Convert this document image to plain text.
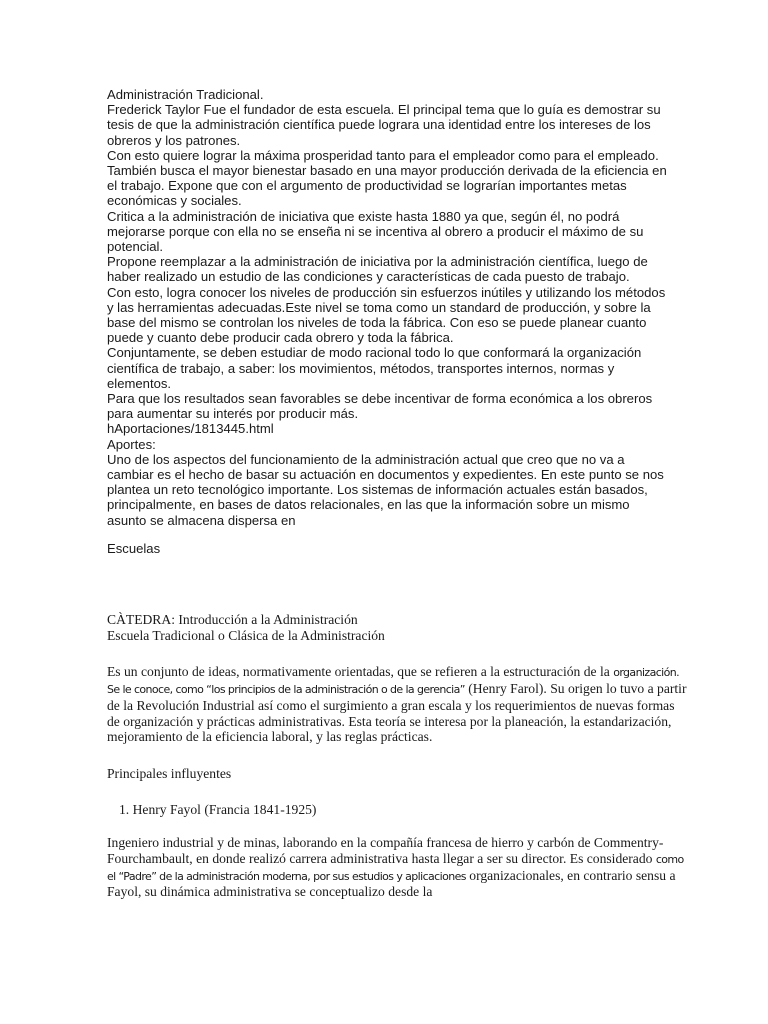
Administración Tradicional.

Frederick Taylor Fue el fundador de esta escuela. El principal tema que lo guía es demostrar su tesis de que la administración científica puede lograra una identidad entre los intereses de los obreros y los patrones.

Con esto quiere lograr la máxima prosperidad tanto para el empleador como para el empleado.

También busca el mayor bienestar basado en una mayor producción derivada de la eficiencia en el trabajo. Expone que con el argumento de productividad se lograrían importantes metas económicas y sociales.

Critica a la administración de iniciativa que existe hasta 1880 ya que, según él, no podrá mejorarse porque con ella no se enseña ni se incentiva al obrero a producir el máximo de su potencial.

Propone reemplazar a la administración de iniciativa por la administración científica, luego de haber realizado un estudio de las condiciones y características de cada puesto de trabajo.

Con esto, logra conocer los niveles de producción sin esfuerzos inútiles y utilizando los métodos y las herramientas adecuadas.Este nivel se toma como un standard de producción, y sobre la base del mismo se controlan los niveles de toda la fábrica. Con eso se puede planear cuanto puede y cuanto debe producir cada obrero y toda la fábrica.

Conjuntamente, se deben estudiar de modo racional todo lo que conformará la organización científica de trabajo, a saber: los movimientos, métodos, transportes internos, normas y elementos.

Para que los resultados sean favorables se debe incentivar de forma económica a los obreros para aumentar su interés por producir más.

hAportaciones/1813445.html

Aportes:

Uno de los aspectos del funcionamiento de la administración actual que creo que no va a cambiar es el hecho de basar su actuación en documentos y expedientes. En este punto se nos plantea un reto tecnológico importante. Los sistemas de información actuales están basados, principalmente, en bases de datos relacionales, en las que la información sobre un mismo asunto se almacena dispersa en

Escuelas

CÀTEDRA: Introducción a la Administración

Escuela Tradicional o Clásica de la Administración

Es un conjunto de ideas, normativamente orientadas, que se refieren a la estructuración de la organización. Se le conoce, como “los principios de la administración o de la gerencia” (Henry Farol). Su origen lo tuvo a partir de la Revolución Industrial así como el surgimiento a gran escala y los requerimientos de nuevas formas de organización y prácticas administrativas. Esta teoría se interesa por la planeación, la estandarización, mejoramiento de la eficiencia laboral, y las reglas prácticas.

Principales influyentes

1. Henry Fayol (Francia 1841-1925)

Ingeniero industrial y de minas, laborando en la compañía francesa de hierro y carbón de Commentry-Fourchambault, en donde realizó carrera administrativa hasta llegar a ser su director. Es considerado como el “Padre” de la administración moderna, por sus estudios y aplicaciones organizacionales, en contrario sensu a Fayol, su dinámica administrativa se conceptualizo desde la
